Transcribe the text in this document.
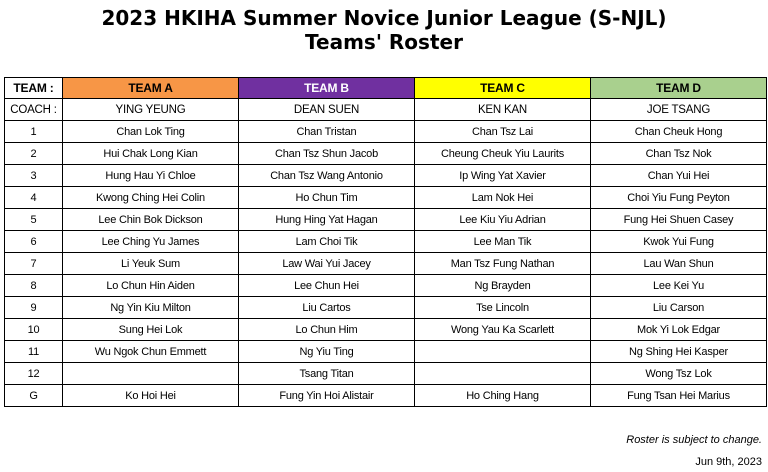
2023 HKIHA Summer Novice Junior League (S-NJL)
Teams' Roster
TEAM :	TEAM A	TEAM B	TEAM C	TEAM D
COACH :	YING YEUNG	DEAN SUEN	KEN KAN	JOE TSANG
1	Chan Lok Ting	Chan Tristan	Chan Tsz Lai	Chan Cheuk Hong
2	Hui Chak Long Kian	Chan Tsz Shun Jacob	Cheung Cheuk Yiu Laurits	Chan Tsz Nok
3	Hung Hau Yi Chloe	Chan Tsz Wang Antonio	Ip Wing Yat Xavier	Chan Yui Hei
4	Kwong Ching Hei Colin	Ho Chun Tim	Lam Nok Hei	Choi Yiu Fung Peyton
5	Lee Chin Bok Dickson	Hung Hing Yat Hagan	Lee Kiu Yiu Adrian	Fung Hei Shuen Casey
6	Lee Ching Yu James	Lam Choi Tik	Lee Man Tik	Kwok Yui Fung
7	Li Yeuk Sum	Law Wai Yui Jacey	Man Tsz Fung Nathan	Lau Wan Shun
8	Lo Chun Hin Aiden	Lee Chun Hei	Ng Brayden	Lee Kei Yu
9	Ng Yin Kiu Milton	Liu Cartos	Tse Lincoln	Liu Carson
10	Sung Hei Lok	Lo Chun Him	Wong Yau Ka Scarlett	Mok Yi Lok Edgar
11	Wu Ngok Chun Emmett	Ng Yiu Ting		Ng Shing Hei Kasper
12		Tsang Titan		Wong Tsz Lok
G	Ko Hoi Hei	Fung Yin Hoi Alistair	Ho Ching Hang	Fung Tsan Hei Marius
Roster is subject to change.
Jun 9th, 2023
